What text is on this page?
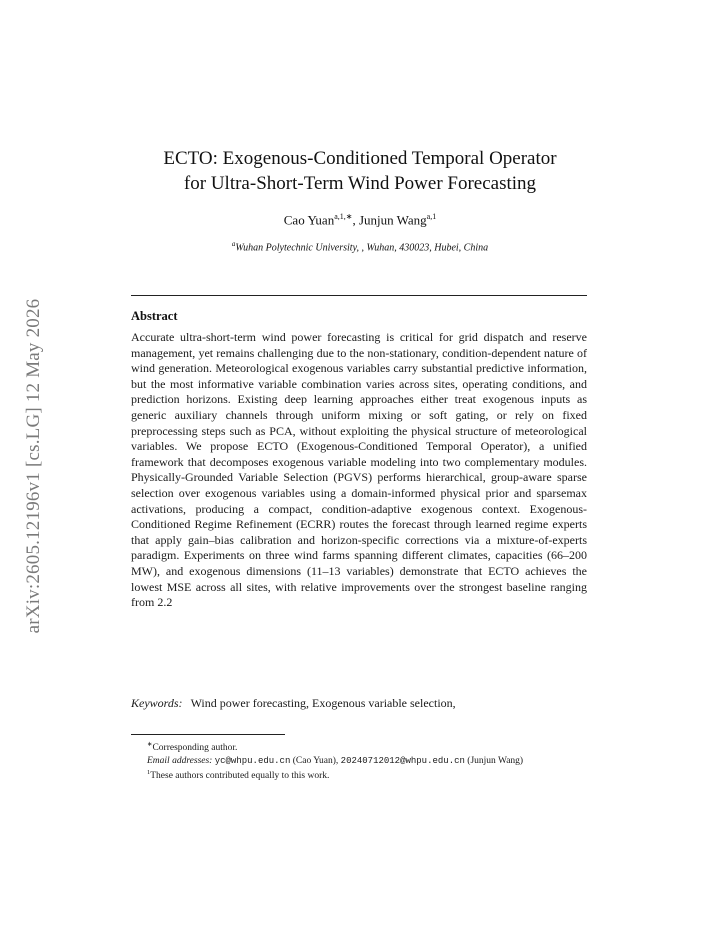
arXiv:2605.12196v1 [cs.LG] 12 May 2026
ECTO: Exogenous-Conditioned Temporal Operator
for Ultra-Short-Term Wind Power Forecasting
Cao Yuan$^{a,1,∗}$, Junjun Wang$^{a,1}$
$^a$Wuhan Polytechnic University, , Wuhan, 430023, Hubei, China
Abstract
Accurate ultra-short-term wind power forecasting is critical for grid dispatch and reserve management, yet remains challenging due to the non-stationary, condition-dependent nature of wind generation. Meteorological exogenous variables carry substantial predictive information, but the most informative variable combination varies across sites, operating conditions, and prediction horizons. Existing deep learning approaches either treat exogenous inputs as generic auxiliary channels through uniform mixing or soft gating, or rely on fixed preprocessing steps such as PCA, without exploiting the physical structure of meteorological variables. We propose ECTO (Exogenous-Conditioned Temporal Operator), a unified framework that decomposes exogenous variable modeling into two complementary modules. Physically-Grounded Variable Selection (PGVS) performs hierarchical, group-aware sparse selection over exogenous variables using a domain-informed physical prior and sparsemax activations, producing a compact, condition-adaptive exogenous context. Exogenous-Conditioned Regime Refinement (ECRR) routes the forecast through learned regime experts that apply gain–bias calibration and horizon-specific corrections via a mixture-of-experts paradigm. Experiments on three wind farms spanning different climates, capacities (66–200 MW), and exogenous dimensions (11–13 variables) demonstrate that ECTO achieves the lowest MSE across all sites, with relative improvements over the strongest baseline ranging from 2.2
Keywords: Wind power forecasting, Exogenous variable selection,

∗Corresponding author.

Email addresses: yc@whpu.edu.cn (Cao Yuan), 20240712012@whpu.edu.cn (Junjun Wang)

$^1$These authors contributed equally to this work.
